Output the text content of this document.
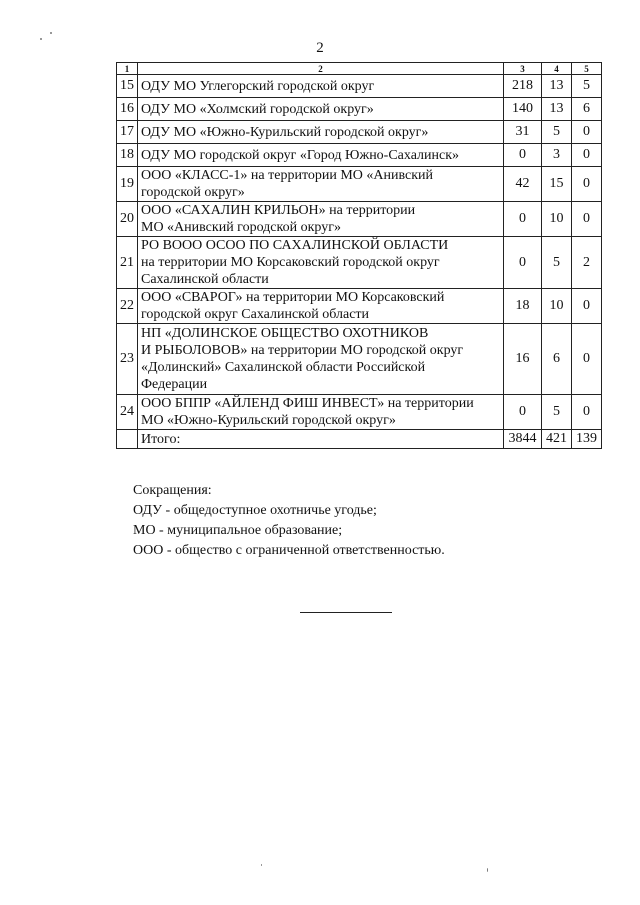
2
1	2	3	4	5
15	ОДУ МО Углегорский городской округ	218	13	5
16	ОДУ МО «Холмский городской округ»	140	13	6
17	ОДУ МО «Южно-Курильский городской округ»	31	5	0
18	ОДУ МО городской округ «Город Южно-Сахалинск»	0	3	0
19	ООО «КЛАСС-1» на территории МО «Анивский
городской округ»	42	15	0
20	ООО «САХАЛИН КРИЛЬОН» на территории
МО «Анивский городской округ»	0	10	0
21	РО ВООО ОСОО ПО САХАЛИНСКОЙ ОБЛАСТИ
на территории МО Корсаковский городской округ
Сахалинской области	0	5	2
22	ООО «СВАРОГ» на территории МО Корсаковский
городской округ Сахалинской области	18	10	0
23	НП «ДОЛИНСКОЕ ОБЩЕСТВО ОХОТНИКОВ
И РЫБОЛОВОВ» на территории МО городской округ
«Долинский» Сахалинской области Российской
Федерации	16	6	0
24	ООО БППР «АЙЛЕНД ФИШ ИНВЕСТ» на территории
МО «Южно-Курильский городской округ»	0	5	0
	Итого:	3844	421	139
Сокращения:
ОДУ - общедоступное охотничье угодье;
МО - муниципальное образование;
ООО - общество с ограниченной ответственностью.
